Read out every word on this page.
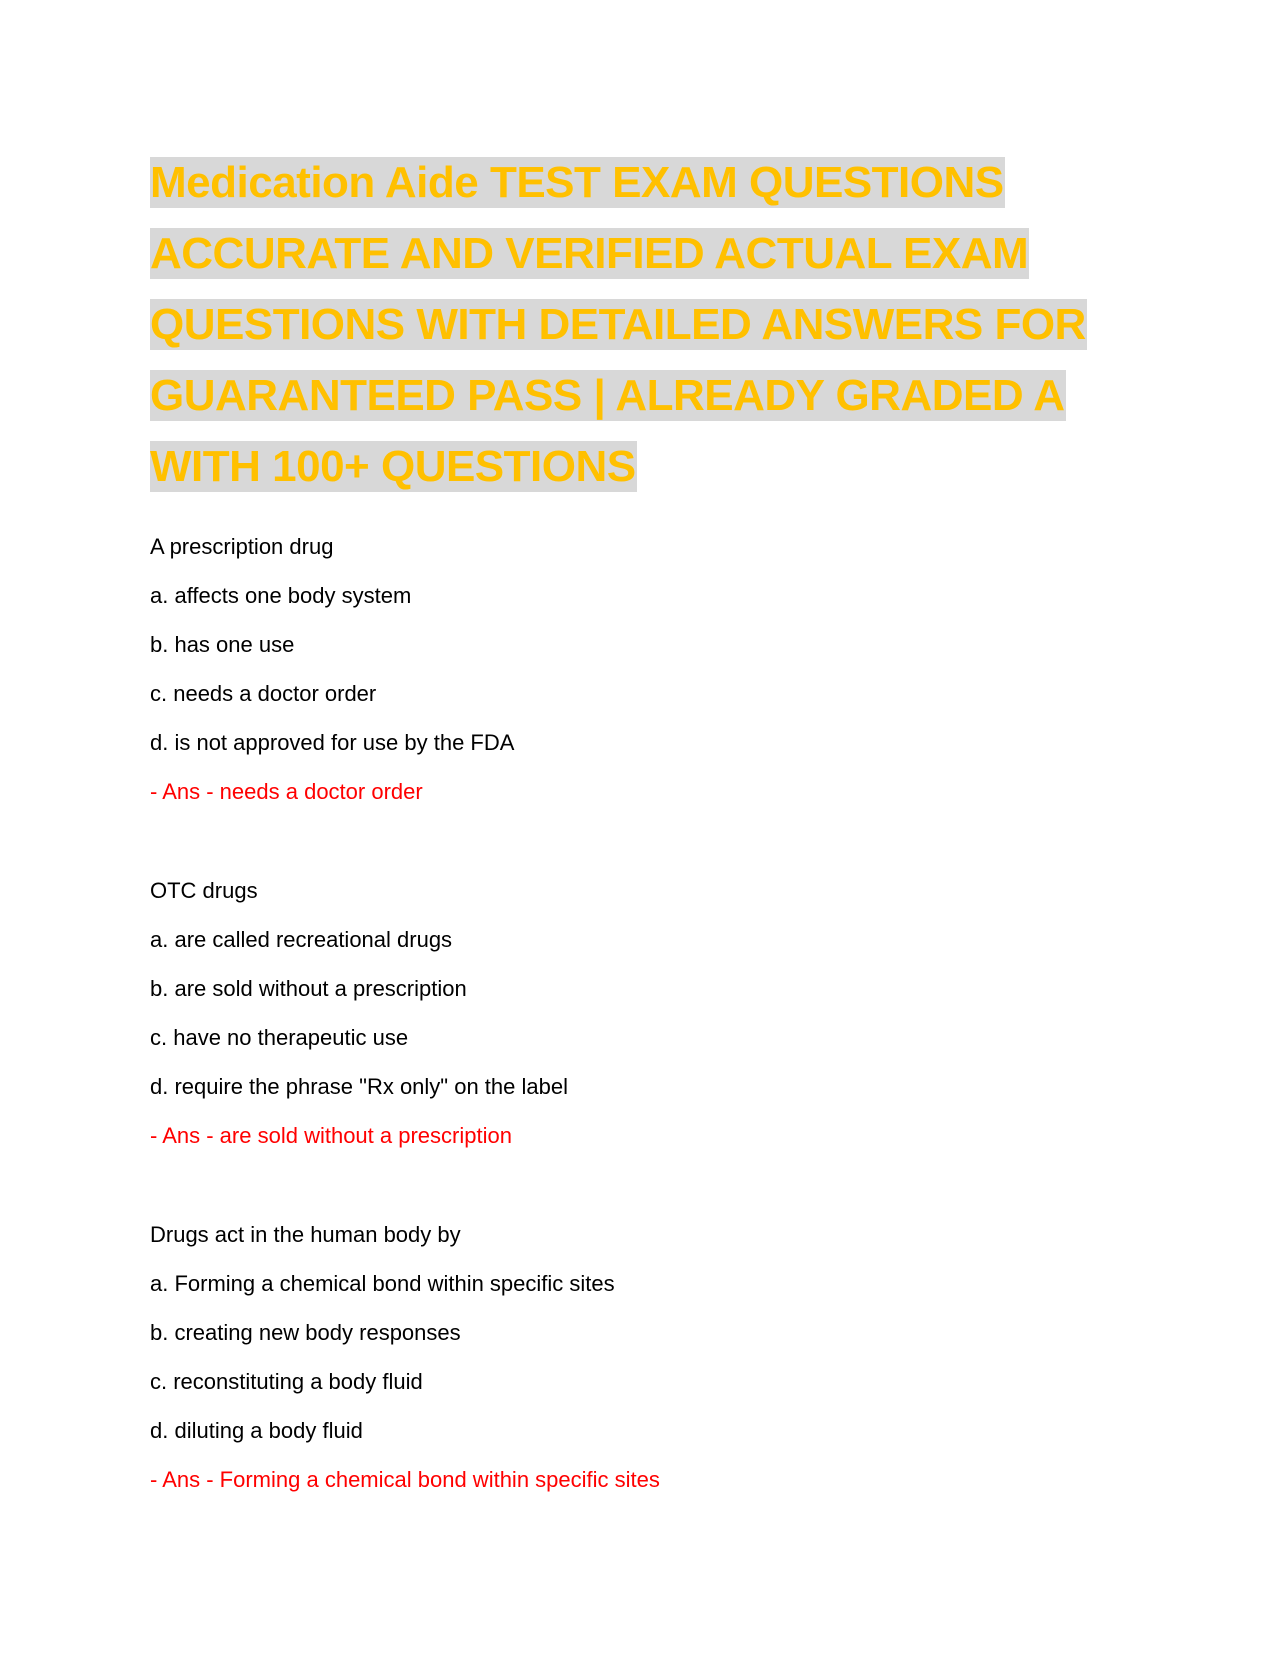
Medication Aide TEST EXAM QUESTIONS
ACCURATE AND VERIFIED ACTUAL EXAM
QUESTIONS WITH DETAILED ANSWERS FOR
GUARANTEED PASS | ALREADY GRADED A
WITH 100+ QUESTIONS
A prescription drug
a. affects one body system
b. has one use
c. needs a doctor order
d. is not approved for use by the FDA
- Ans - needs a doctor order
OTC drugs
a. are called recreational drugs
b. are sold without a prescription
c. have no therapeutic use
d. require the phrase "Rx only" on the label
- Ans - are sold without a prescription
Drugs act in the human body by
a. Forming a chemical bond within specific sites
b. creating new body responses
c. reconstituting a body fluid
d. diluting a body fluid
- Ans - Forming a chemical bond within specific sites
